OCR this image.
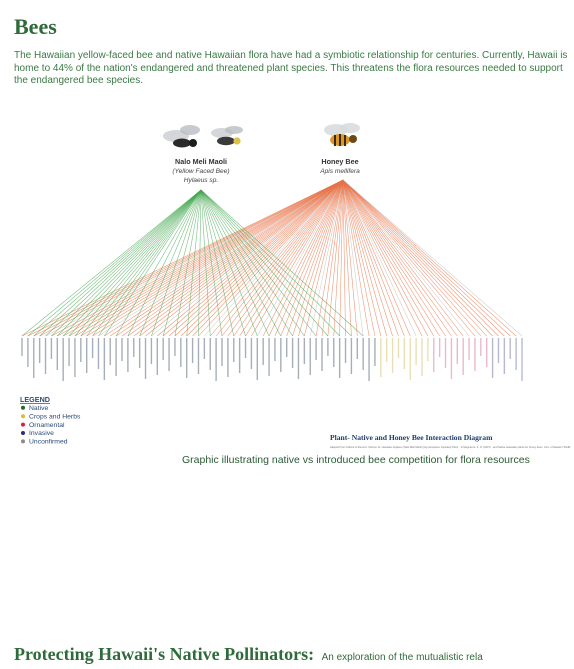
Bees

The Hawaiian yellow-faced bee and native Hawaiian flora have had a symbiotic relationship for centuries. Currently, Hawaii is home to 44% of the nation's endangered and threatened plant species. This threatens the flora resources needed to support the endangered bee species.

Nalo Meli Maoli
(Yellow Faced Bee)
Hylaeus sp.
Honey Bee
Apis mellifera
LEGEND
Native
Crops and Herbs
Ornamental
Invasive
Unconfirmed
Plant- Native and Honey Bee Interaction Diagram
Adapted from Clarice & Stevens' Volume 11, Hawaiian Hylaeus (Nalo Meli Maoli) (Hymenoptera: Apoidea) Plant... & Magnacca, K. N. (2007) - and Native Hawaiian plants for honey bees, Univ. of Hawaii CTAHR
Graphic illustrating native vs introduced bee competition for flora resources
Protecting Hawaii's Native Pollinators: An exploration of the mutualistic rela
